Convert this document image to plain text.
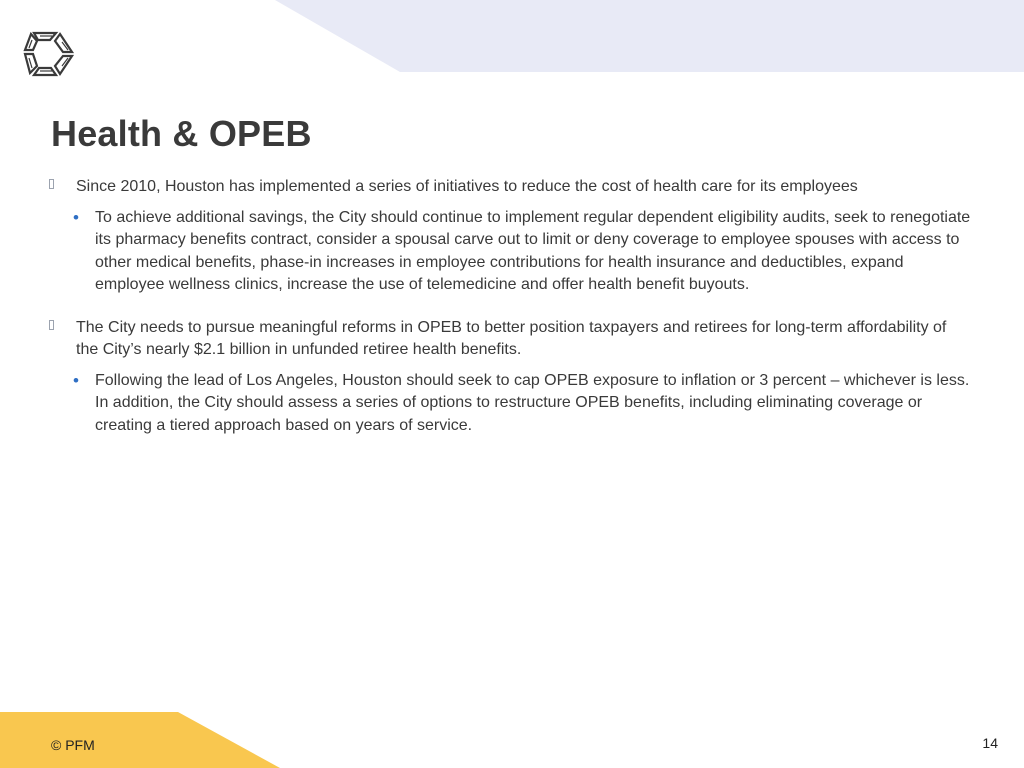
Health & OPEB
Since 2010, Houston has implemented a series of initiatives to reduce the cost of health care for its employees
• To achieve additional savings, the City should continue to implement regular dependent eligibility audits, seek to renegotiate its pharmacy benefits contract, consider a spousal carve out to limit or deny coverage to employee spouses with access to other medical benefits, phase-in increases in employee contributions for health insurance and deductibles, expand employee wellness clinics, increase the use of telemedicine and offer health benefit buyouts.
The City needs to pursue meaningful reforms in OPEB to better position taxpayers and retirees for long-term affordability of the City’s nearly $2.1 billion in unfunded retiree health benefits.
• Following the lead of Los Angeles, Houston should seek to cap OPEB exposure to inflation or 3 percent – whichever is less. In addition, the City should assess a series of options to restructure OPEB benefits, including eliminating coverage or creating a tiered approach based on years of service.
© PFM	14
